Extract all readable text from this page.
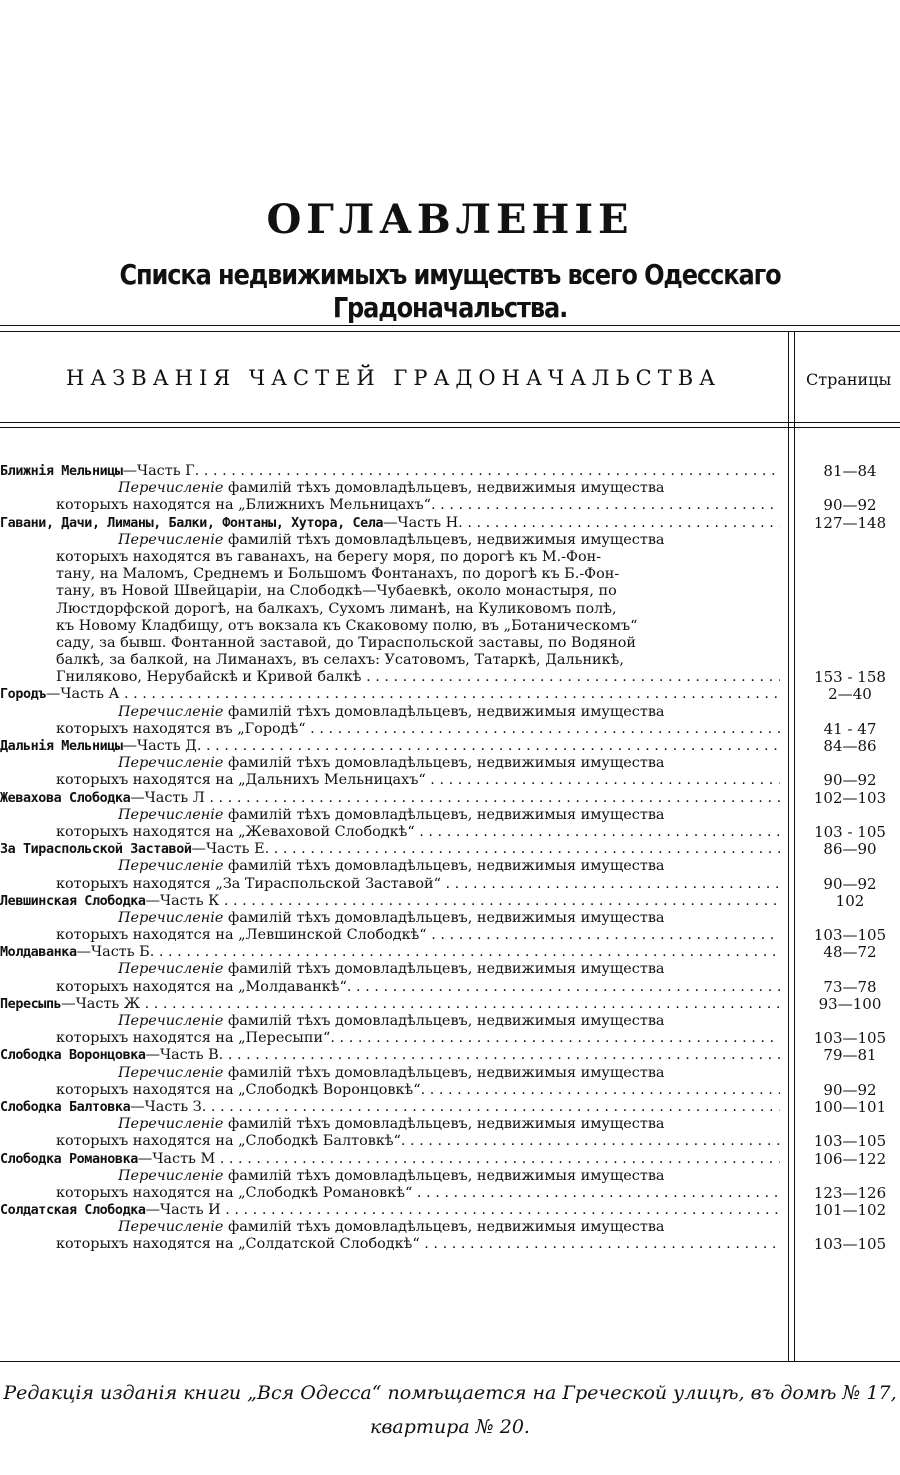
ОГЛАВЛЕНIЕ
Списка недвижимыхъ имуществъ всего Одесскаго Градоначальства.
НАЗВАНIЯ ЧАСТЕЙ ГРАДОНАЧАЛЬСТВА	Страницы
Ближнiя Мельницы—Часть Г. . . .	81—84
Перечисленiе фамилiй тѣхъ домовладѣльцевъ, недвижимыя имущества
которыхъ находятся на „Ближнихъ Мельницахъ“. . . .	90—92
Гавани, Дачи, Лиманы, Балки, Фонтаны, Хутора, Села—Часть Н. . . .	127—148
Перечисленiе фамилiй тѣхъ домовладѣльцевъ, недвижимыя имущества
которыхъ находятся въ гаванахъ, на берегу моря, по дорогѣ къ М.-Фон-
тану, на Маломъ, Среднемъ и Большомъ Фонтанахъ, по дорогѣ къ Б.-Фон-
тану, въ Новой Швейцарiи, на Слободкѣ—Чубаевкѣ, около монастыря, по
Люстдорфской дорогѣ, на балкахъ, Сухомъ лиманѣ, на Куликовомъ полѣ,
къ Новому Кладбищу, отъ вокзала къ Скаковому полю, въ „Ботаническомъ“
саду, за бывш. Фонтанной заставой, до Тираспольской заставы, по Водяной
балкѣ, за балкой, на Лиманахъ, въ селахъ: Усатовомъ, Татаркѣ, Дальникѣ,
Гниляково, Нерубайскѣ и Кривой балкѣ . . .	153 - 158
Городъ—Часть А . . .	2—40
Перечисленiе фамилiй тѣхъ домовладѣльцевъ, недвижимыя имущества
которыхъ находятся въ „Городѣ“ . . .	41 - 47
Дальнiя Мельницы—Часть Д. . . .	84—86
Перечисленiе фамилiй тѣхъ домовладѣльцевъ, недвижимыя имущества
которыхъ находятся на „Дальнихъ Мельницахъ“ . . .	90—92
Жевахова Слободка—Часть Л . . .	102—103
Перечисленiе фамилiй тѣхъ домовладѣльцевъ, недвижимыя имущества
которыхъ находятся на „Жеваховой Слободкѣ“ . . .	103 - 105
За Тираспольской Заставой—Часть Е. . . .	86—90
Перечисленiе фамилiй тѣхъ домовладѣльцевъ, недвижимыя имущества
которыхъ находятся „За Тираспольской Заставой“ . . .	90—92
Левшинская Слободка—Часть К . . .	102
Перечисленiе фамилiй тѣхъ домовладѣльцевъ, недвижимыя имущества
которыхъ находятся на „Левшинской Слободкѣ“ . . .	103—105
Молдаванка—Часть Б. . . .	48—72
Перечисленiе фамилiй тѣхъ домовладѣльцевъ, недвижимыя имущества
которыхъ находятся на „Молдаванкѣ“. . . .	73—78
Пересыпь—Часть Ж . . .	93—100
Перечисленiе фамилiй тѣхъ домовладѣльцевъ, недвижимыя имущества
которыхъ находятся на „Пересыпи“. . . .	103—105
Слободка Воронцовка—Часть В. . . .	79—81
Перечисленiе фамилiй тѣхъ домовладѣльцевъ, недвижимыя имущества
которыхъ находятся на „Слободкѣ Воронцовкѣ“. . . .	90—92
Слободка Балтовка—Часть З. . . .	100—101
Перечисленiе фамилiй тѣхъ домовладѣльцевъ, недвижимыя имущества
которыхъ находятся на „Слободкѣ Балтовкѣ“. . . .	103—105
Слободка Романовка—Часть М . . .	106—122
Перечисленiе фамилiй тѣхъ домовладѣльцевъ, недвижимыя имущества
которыхъ находятся на „Слободкѣ Романовкѣ“ . . .	123—126
Солдатская Слободка—Часть И . . .	101—102
Перечисленiе фамилiй тѣхъ домовладѣльцевъ, недвижимыя имущества
которыхъ находятся на „Солдатской Слободкѣ“ . . .	103—105
Редакцiя изданiя книги „Вся Одесса“ помѣщается на Греческой улицѣ, въ домѣ № 17,
квартира № 20.
